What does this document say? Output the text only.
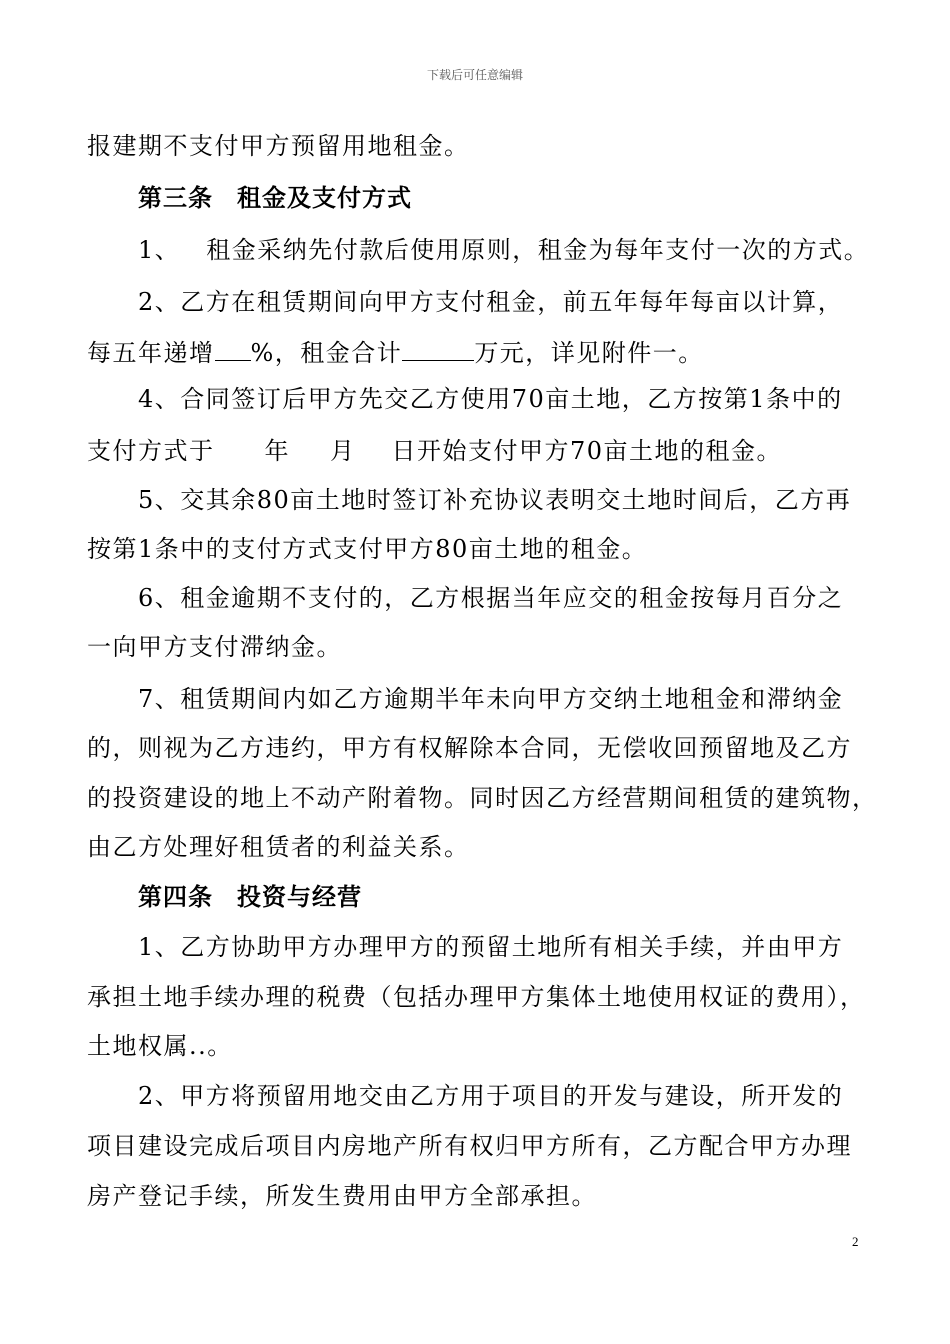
下载后可任意编辑
报建期不支付甲方预留用地租金。
第三条 租金及支付方式
1、 租金采纳先付款后使用原则，租金为每年支付一次的方式。
2、乙方在租赁期间向甲方支付租金，前五年每年每亩以计算，
每五年递增 %，租金合计	万元，详见附件一。
4、合同签订后甲方先交乙方使用70亩土地，乙方按第1条中的
支付方式于 年 月 日开始支付甲方70亩土地的租金。
5、交其余80亩土地时签订补充协议表明交土地时间后，乙方再
按第1条中的支付方式支付甲方80亩土地的租金。
6、租金逾期不支付的，乙方根据当年应交的租金按每月百分之
一向甲方支付滞纳金。
7、租赁期间内如乙方逾期半年未向甲方交纳土地租金和滞纳金
的，则视为乙方违约，甲方有权解除本合同，无偿收回预留地及乙方
的投资建设的地上不动产附着物。同时因乙方经营期间租赁的建筑物，
由乙方处理好租赁者的利益关系。
第四条 投资与经营
1、乙方协助甲方办理甲方的预留土地所有相关手续，并由甲方
承担土地手续办理的税费（包括办理甲方集体土地使用权证的费用），
土地权属..。
2、甲方将预留用地交由乙方用于项目的开发与建设，所开发的
项目建设完成后项目内房地产所有权归甲方所有，乙方配合甲方办理
房产登记手续，所发生费用由甲方全部承担。
2
